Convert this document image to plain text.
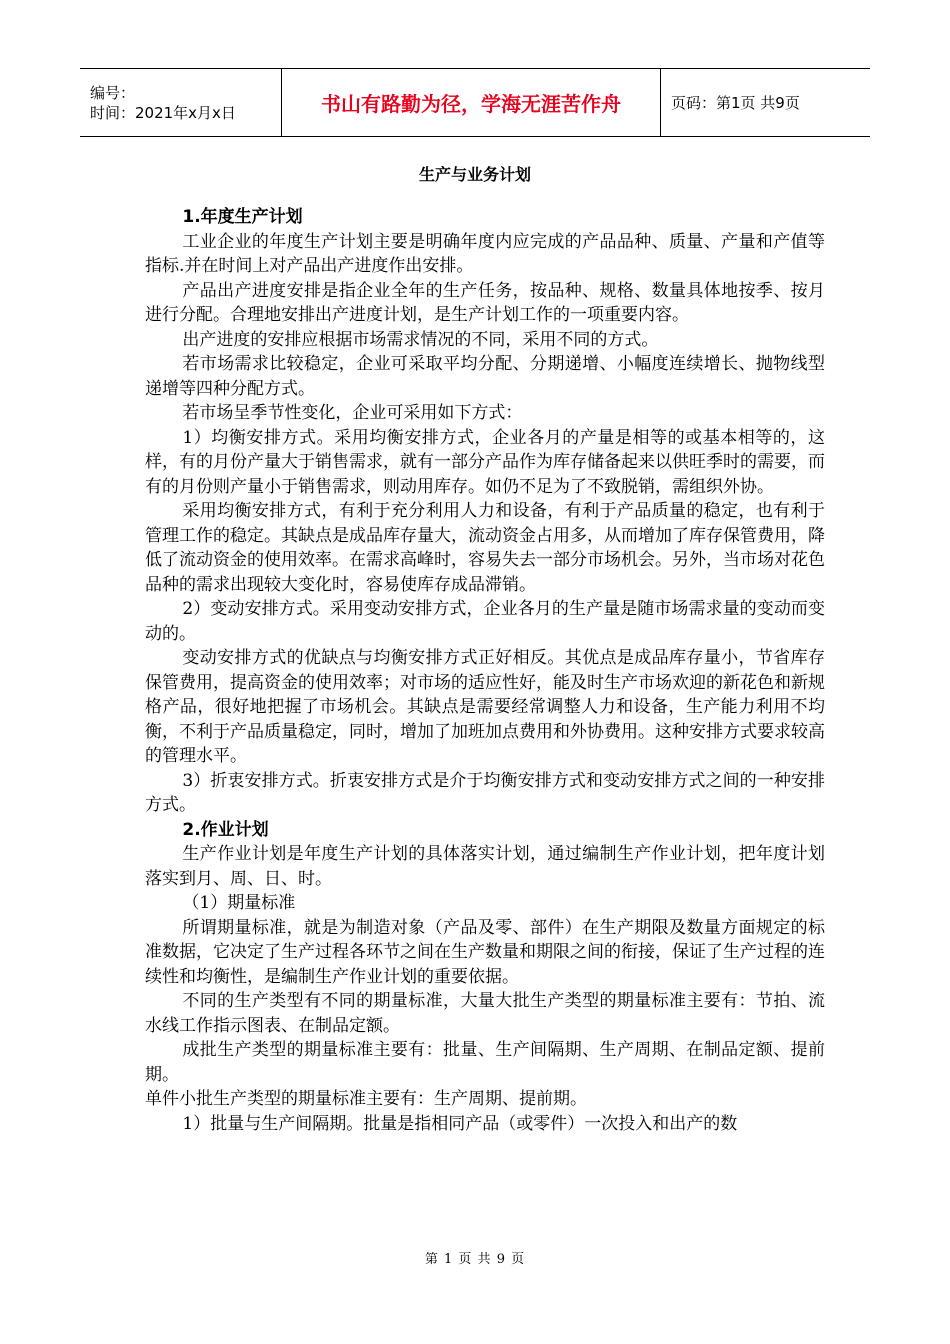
编号：
时间：2021年x月x日	书山有路勤为径，学海无涯苦作舟	页码：第1页 共9页
生产与业务计划

1.年度生产计划

工业企业的年度生产计划主要是明确年度内应完成的产品品种、质量、产量和产值等指标.并在时间上对产品出产进度作出安排。

产品出产进度安排是指企业全年的生产任务，按品种、规格、数量具体地按季、按月进行分配。合理地安排出产进度计划，是生产计划工作的一项重要内容。

出产进度的安排应根据市场需求情况的不同，采用不同的方式。

若市场需求比较稳定，企业可采取平均分配、分期递增、小幅度连续增长、抛物线型递增等四种分配方式。

若市场呈季节性变化，企业可采用如下方式：

1）均衡安排方式。采用均衡安排方式，企业各月的产量是相等的或基本相等的，这样，有的月份产量大于销售需求，就有一部分产品作为库存储备起来以供旺季时的需要，而有的月份则产量小于销售需求，则动用库存。如仍不足为了不致脱销，需组织外协。

采用均衡安排方式，有利于充分利用人力和设备，有利于产品质量的稳定，也有利于管理工作的稳定。其缺点是成品库存量大，流动资金占用多，从而增加了库存保管费用，降低了流动资金的使用效率。在需求高峰时，容易失去一部分市场机会。另外，当市场对花色品种的需求出现较大变化时，容易使库存成品滞销。

2）变动安排方式。采用变动安排方式，企业各月的生产量是随市场需求量的变动而变动的。

变动安排方式的优缺点与均衡安排方式正好相反。其优点是成品库存量小，节省库存保管费用，提高资金的使用效率；对市场的适应性好，能及时生产市场欢迎的新花色和新规格产品，很好地把握了市场机会。其缺点是需要经常调整人力和设备，生产能力利用不均衡，不利于产品质量稳定，同时，增加了加班加点费用和外协费用。这种安排方式要求较高的管理水平。

3）折衷安排方式。折衷安排方式是介于均衡安排方式和变动安排方式之间的一种安排方式。

2.作业计划

生产作业计划是年度生产计划的具体落实计划，通过编制生产作业计划，把年度计划落实到月、周、日、时。

（1）期量标准

所谓期量标准，就是为制造对象（产品及零、部件）在生产期限及数量方面规定的标准数据，它决定了生产过程各环节之间在生产数量和期限之间的衔接，保证了生产过程的连续性和均衡性，是编制生产作业计划的重要依据。

不同的生产类型有不同的期量标准，大量大批生产类型的期量标准主要有：节拍、流水线工作指示图表、在制品定额。

成批生产类型的期量标准主要有：批量、生产间隔期、生产周期、在制品定额、提前期。

单件小批生产类型的期量标准主要有：生产周期、提前期。

1）批量与生产间隔期。批量是指相同产品（或零件）一次投入和出产的数

第 1 页 共 9 页
